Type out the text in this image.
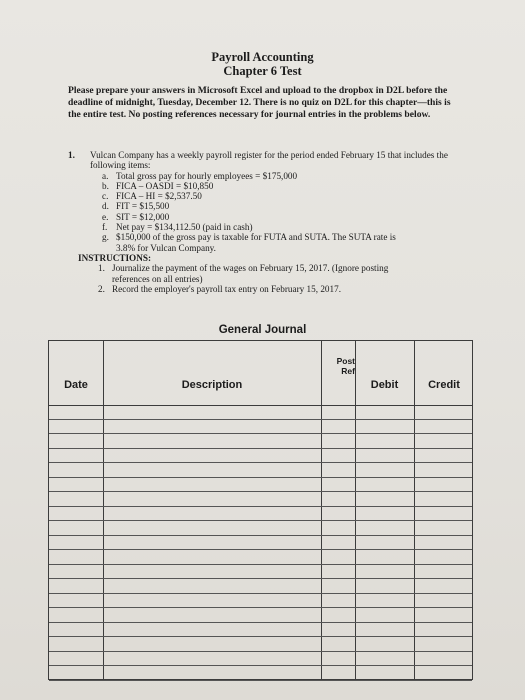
Payroll Accounting
Chapter 6 Test
Please prepare your answers in Microsoft Excel and upload to the dropbox in D2L before the deadline of midnight, Tuesday, December 12. There is no quiz on D2L for this chapter—this is the entire test. No posting references necessary for journal entries in the problems below.
1. Vulcan Company has a weekly payroll register for the period ended February 15 that includes the following items:
a. Total gross pay for hourly employees = $175,000
b. FICA – OASDI = $10,850
c. FICA – HI = $2,537.50
d. FIT = $15,500
e. SIT = $12,000
f. Net pay = $134,112.50 (paid in cash)
g. $150,000 of the gross pay is taxable for FUTA and SUTA. The SUTA rate is
3.8% for Vulcan Company.
INSTRUCTIONS:
1. Journalize the payment of the wages on February 15, 2017. (Ignore posting
references on all entries)
2. Record the employer's payroll tax entry on February 15, 2017.
General Journal
Date	Description
Post
Ref
Debit	Credit
